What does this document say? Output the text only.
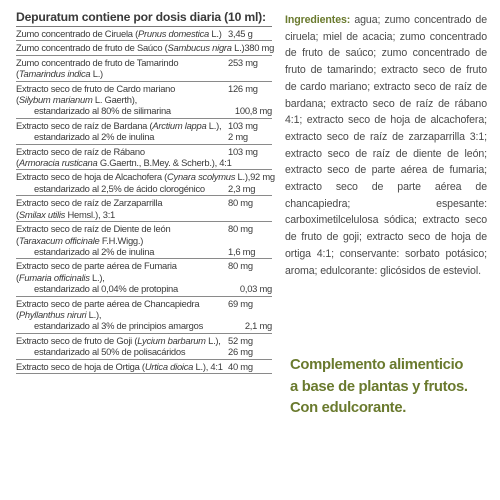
Depuratum contiene por dosis diaria (10 ml):
Zumo concentrado de Ciruela (Prunus domestica L.) 3,45 g
Zumo concentrado de fruto de Saúco (Sambucus nigra L.) 380 mg
Zumo concentrado de fruto de Tamarindo	253 mg
(Tamarindus indica L.)
Extracto seco de fruto de Cardo mariano	126 mg
(Silybum marianum L. Gaerth),
estandarizado al 80% de silimarina	100,8 mg
Extracto seco de raíz de Bardana (Arctium lappa L.), 103 mg
estandarizado al 2% de inulina	2 mg
Extracto seco de raíz de Rábano	103 mg
(Armoracia rusticana G.Gaertn., B.Mey. & Scherb.), 4:1
Extracto seco de hoja de Alcachofera (Cynara scolymus L.), 92 mg
estandarizado al 2,5% de ácido clorogénico 2,3 mg
Extracto seco de raíz de Zarzaparrilla	80 mg
(Smilax utilis Hemsl.), 3:1
Extracto seco de raíz de Diente de león	80 mg
(Taraxacum officinale F.H.Wigg.)
estandarizado al 2% de inulina	1,6 mg
Extracto seco de parte aérea de Fumaria	80 mg
(Fumaria officinalis L.),
estandarizado al 0,04% de protopina	0,03 mg
Extracto seco de parte aérea de Chancapiedra	69 mg
(Phyllanthus niruri L.),
estandarizado al 3% de principios amargos	2,1 mg
Extracto seco de fruto de Goji (Lycium barbarum L.), 52 mg
estandarizado al 50% de polisacáridos	26 mg
Extracto seco de hoja de Ortiga (Urtica dioica L.), 4:1 40 mg

Ingredientes: agua; zumo concentrado de ciruela; miel de acacia; zumo concentrado de fruto de saúco; zumo concentrado de fruto de tamarindo; extracto seco de fruto de cardo mariano; extracto seco de raíz de bardana; extracto seco de raíz de rábano 4:1; extracto seco de hoja de alcachofera; extracto seco de raíz de zarzaparrilla 3:1; extracto seco de raíz de diente de león; extracto seco de parte aérea de fumaria; extracto seco de parte aérea de chancapiedra; espesante: carboximetilcelulosa sódica; extracto seco de fruto de goji; extracto seco de hoja de ortiga 4:1; conservante: sorbato potásico; aroma; edulcorante: glicósidos de esteviol.

Complemento alimenticio
a base de plantas y frutos.
Con edulcorante.
